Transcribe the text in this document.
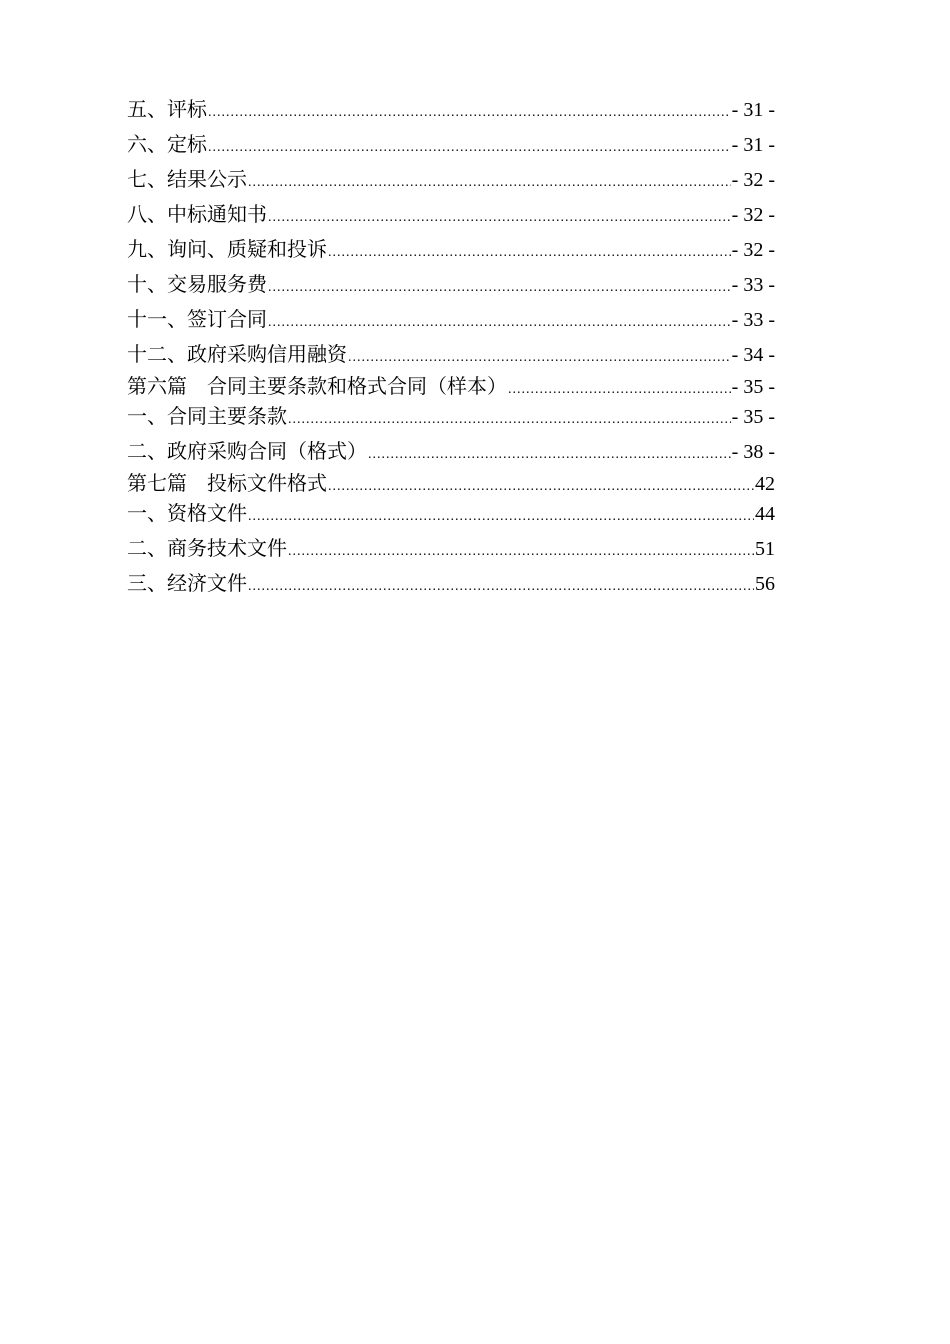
五、评标 .....	- 31 -
六、定标 .....	- 31 -
七、结果公示 .....	- 32 -
八、中标通知书 .....	- 32 -
九、询问、质疑和投诉 .....	- 32 -
十、交易服务费 .....	- 33 -
十一、签订合同 .....	- 33 -
十二、政府采购信用融资 .....	- 34 -
第六篇　合同主要条款和格式合同（样本） .....	- 35 -
一、合同主要条款 .....	- 35 -
二、政府采购合同（格式） .....	- 38 -
第七篇　投标文件格式 .....	42
一、资格文件 .....	44
二、商务技术文件 .....	51
三、经济文件 .....	56
